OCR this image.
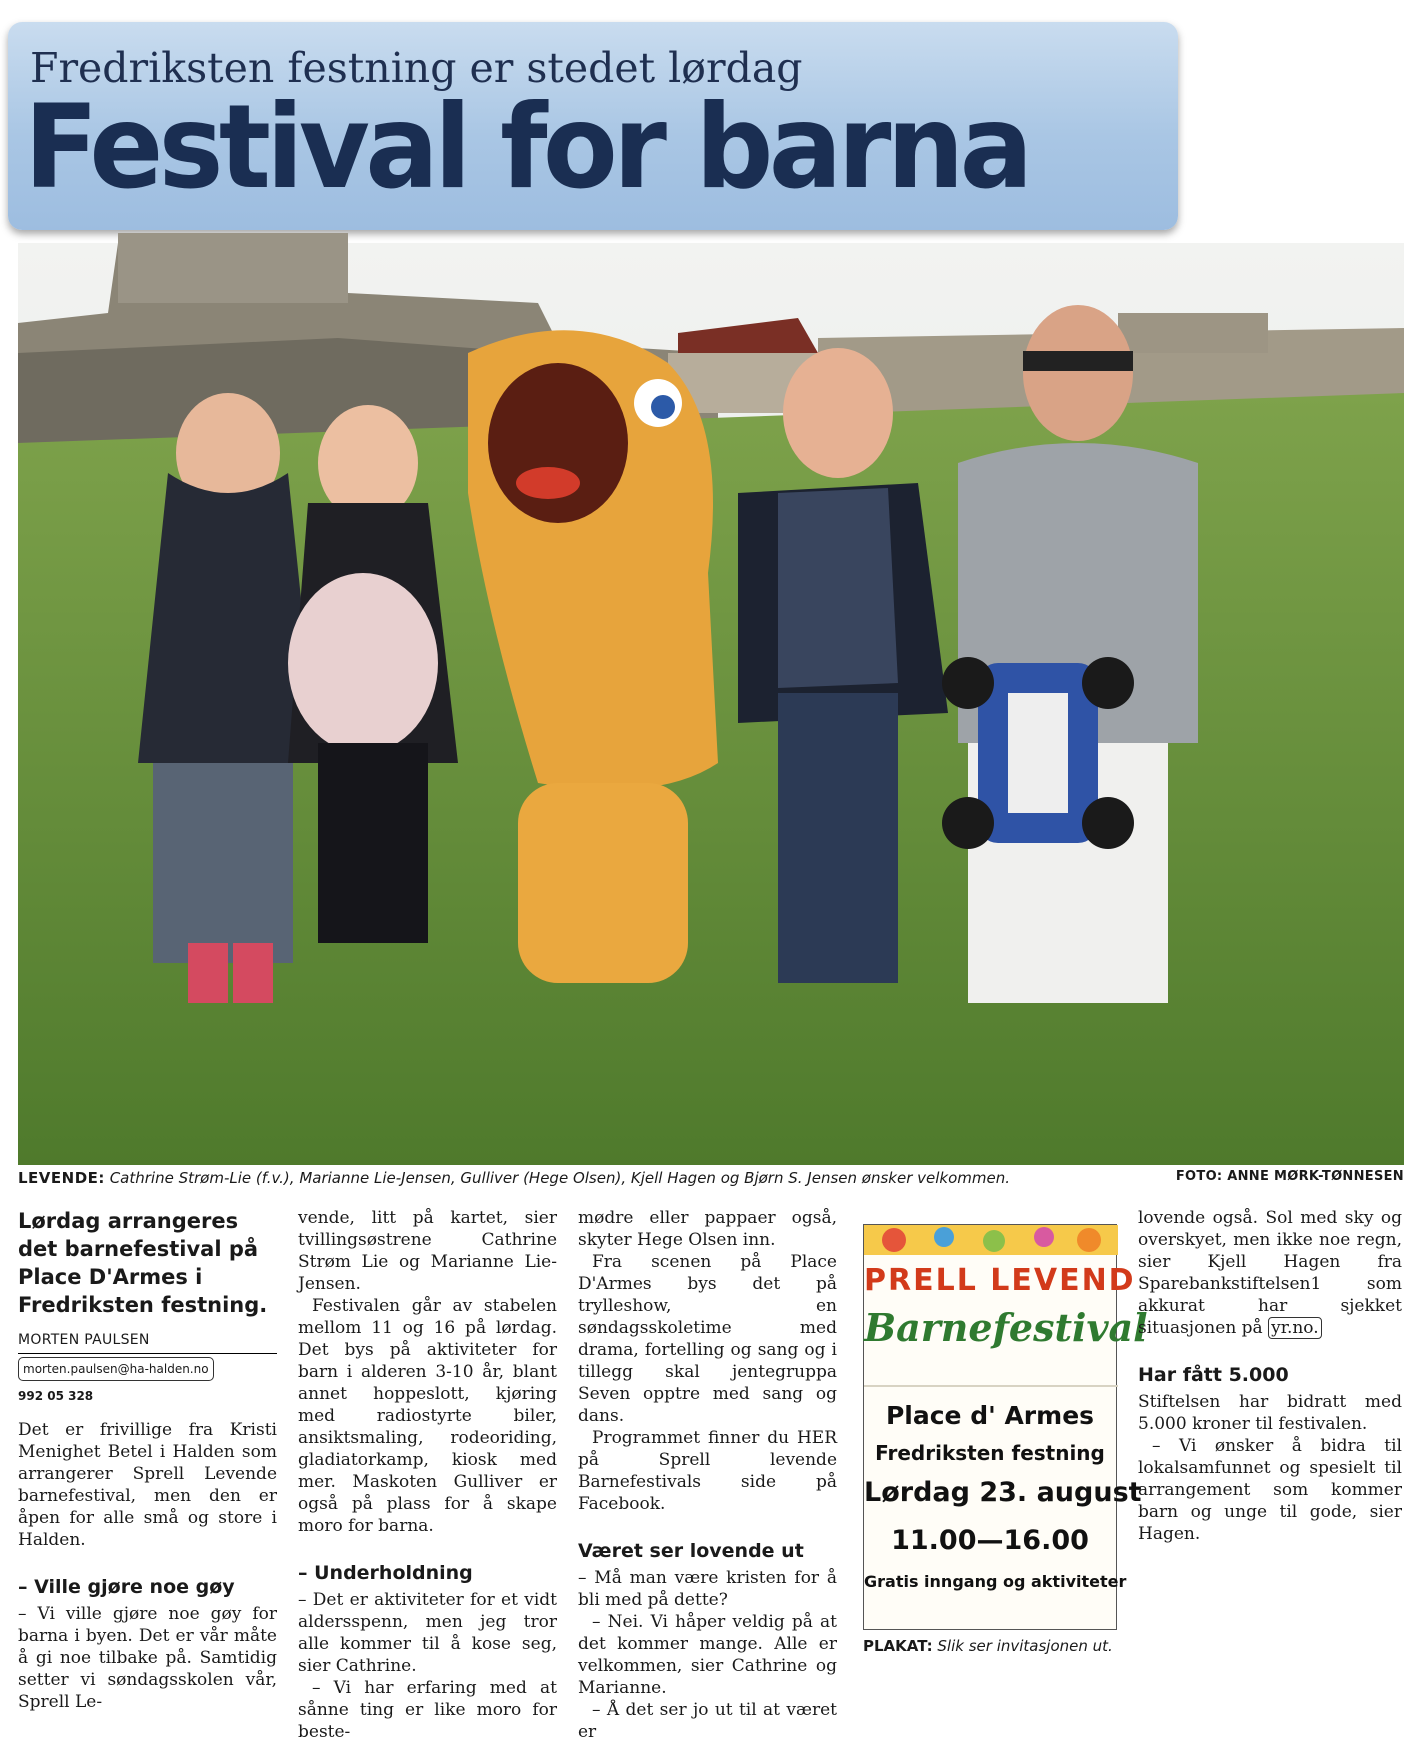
Fredriksten festning er stedet lørdag
Festival for barna
LEVENDE: Cathrine Strøm-Lie (f.v.), Marianne Lie-Jensen, Gulliver (Hege Olsen), Kjell Hagen og Bjørn S. Jensen ønsker velkommen.	FOTO: ANNE MØRK-TØNNESEN
Lørdag arrangeres det barnefestival på Place D'Armes i Fredriksten festning.
MORTEN PAULSEN
morten.paulsen@ha-halden.no
992 05 328

Det er frivillige fra Kristi Menighet Betel i Halden som arrangerer Sprell Levende barnefestival, men den er åpen for alle små og store i Halden.

– Ville gjøre noe gøy

– Vi ville gjøre noe gøy for barna i byen. Det er vår måte å gi noe tilbake på. Samtidig setter vi søndagsskolen vår, Sprell Le-

vende, litt på kartet, sier tvillingsøstrene Cathrine Strøm Lie og Marianne Lie-Jensen.

Festivalen går av stabelen mellom 11 og 16 på lørdag. Det bys på aktiviteter for barn i alderen 3-10 år, blant annet hoppeslott, kjøring med radiostyrte biler, ansiktsmaling, rodeoriding, gladiatorkamp, kiosk med mer. Maskoten Gulliver er også på plass for å skape moro for barna.

– Underholdning

– Det er aktiviteter for et vidt aldersspenn, men jeg tror alle kommer til å kose seg, sier Cathrine.

– Vi har erfaring med at sånne ting er like moro for beste-

mødre eller pappaer også, skyter Hege Olsen inn.

Fra scenen på Place D'Armes bys det på trylleshow, en søndagsskoletime med drama, fortelling og sang og i tillegg skal jentegruppa Seven opptre med sang og dans.

Programmet finner du HER på Sprell levende Barnefestivals side på Facebook.

Været ser lovende ut

– Må man være kristen for å bli med på dette?

– Nei. Vi håper veldig på at det kommer mange. Alle er velkommen, sier Cathrine og Marianne.

– Å det ser jo ut til at været er

PRELL LEVEND
Barnefestival
Place d' Armes
Fredriksten festning
Lørdag 23. august
11.00—16.00
Gratis inngang og aktiviteter
PLAKAT: Slik ser invitasjonen ut.

lovende også. Sol med sky og overskyet, men ikke noe regn, sier Kjell Hagen fra Sparebankstiftelsen1 som akkurat har sjekket situasjonen på yr.no.

Har fått 5.000

Stiftelsen har bidratt med 5.000 kroner til festivalen.

– Vi ønsker å bidra til lokalsamfunnet og spesielt til arrangement som kommer barn og unge til gode, sier Hagen.
